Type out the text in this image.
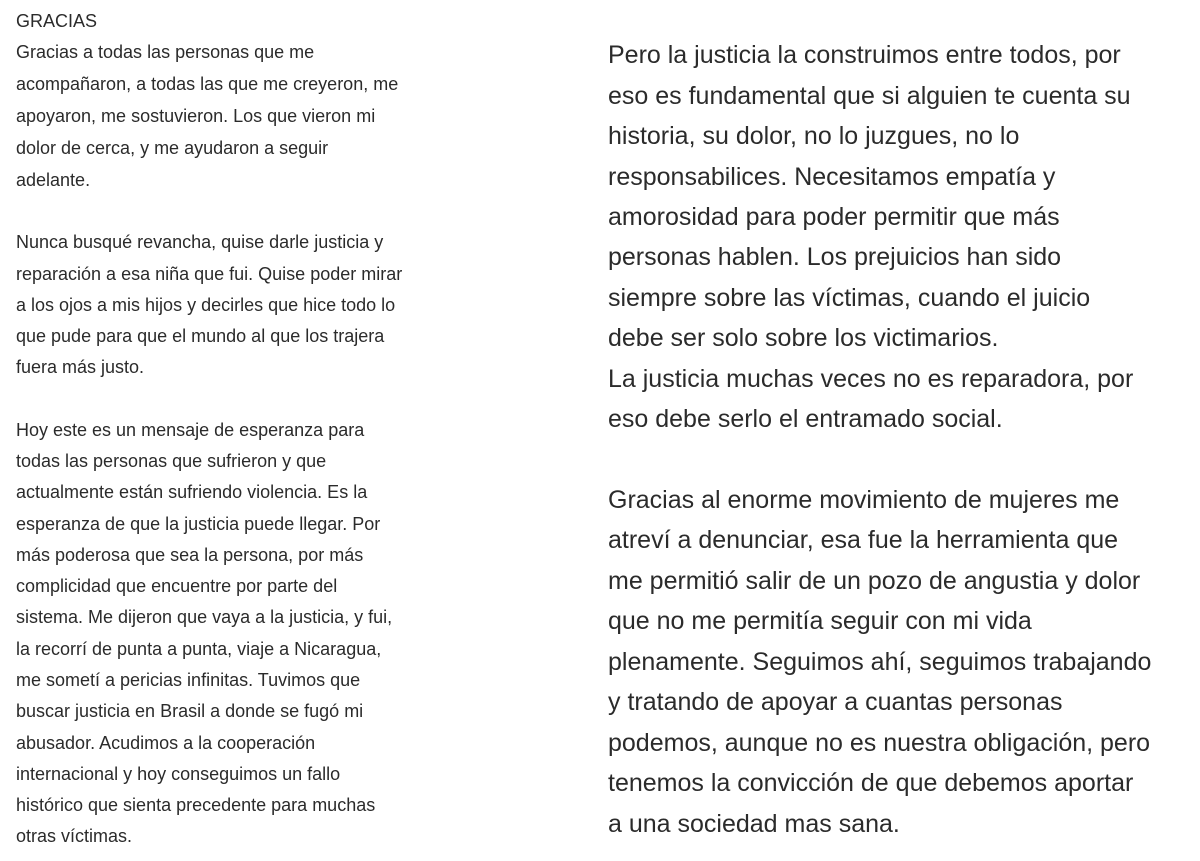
GRACIAS
Gracias a todas las personas que me
acompañaron, a todas las que me creyeron, me
apoyaron, me sostuvieron. Los que vieron mi
dolor de cerca, y me ayudaron a seguir
adelante.
Nunca busqué revancha, quise darle justicia y
reparación a esa niña que fui. Quise poder mirar
a los ojos a mis hijos y decirles que hice todo lo
que pude para que el mundo al que los trajera
fuera más justo.
Hoy este es un mensaje de esperanza para
todas las personas que sufrieron y que
actualmente están sufriendo violencia. Es la
esperanza de que la justicia puede llegar. Por
más poderosa que sea la persona, por más
complicidad que encuentre por parte del
sistema. Me dijeron que vaya a la justicia, y fui,
la recorrí de punta a punta, viaje a Nicaragua,
me sometí a pericias infinitas. Tuvimos que
buscar justicia en Brasil a donde se fugó mi
abusador. Acudimos a la cooperación
internacional y hoy conseguimos un fallo
histórico que sienta precedente para muchas
otras víctimas.
Pero la justicia la construimos entre todos, por
eso es fundamental que si alguien te cuenta su
historia, su dolor, no lo juzgues, no lo
responsabilices. Necesitamos empatía y
amorosidad para poder permitir que más
personas hablen. Los prejuicios han sido
siempre sobre las víctimas, cuando el juicio
debe ser solo sobre los victimarios.
La justicia muchas veces no es reparadora, por
eso debe serlo el entramado social.
Gracias al enorme movimiento de mujeres me
atreví a denunciar, esa fue la herramienta que
me permitió salir de un pozo de angustia y dolor
que no me permitía seguir con mi vida
plenamente. Seguimos ahí, seguimos trabajando
y tratando de apoyar a cuantas personas
podemos, aunque no es nuestra obligación, pero
tenemos la convicción de que debemos aportar
a una sociedad mas sana.
